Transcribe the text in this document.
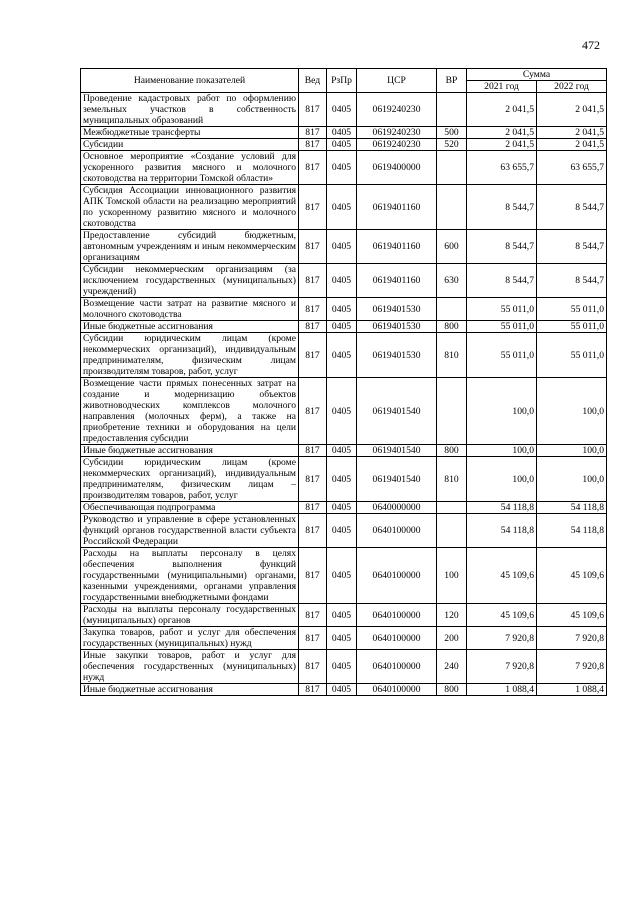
472
Наименование показателей	Вед	РзПр	ЦСР	ВР	Сумма	
					2021 год	2022 год
Проведение кадастровых работ по оформлению земельных участков в собственность муниципальных образований	817	0405	0619240230		2 041,5	2 041,5
Межбюджетные трансферты	817	0405	0619240230	500	2 041,5	2 041,5
Субсидии	817	0405	0619240230	520	2 041,5	2 041,5
Основное мероприятие «Создание условий для ускоренного развития мясного и молочного скотоводства на территории Томской области»	817	0405	0619400000		63 655,7	63 655,7
Субсидия Ассоциации инновационного развития АПК Томской области на реализацию мероприятий по ускоренному развитию мясного и молочного скотоводства	817	0405	0619401160		8 544,7	8 544,7
Предоставление субсидий бюджетным, автономным учреждениям и иным некоммерческим организациям	817	0405	0619401160	600	8 544,7	8 544,7
Субсидии некоммерческим организациям (за исключением государственных (муниципальных) учреждений)	817	0405	0619401160	630	8 544,7	8 544,7
Возмещение части затрат на развитие мясного и молочного скотоводства	817	0405	0619401530		55 011,0	55 011,0
Иные бюджетные ассигнования	817	0405	0619401530	800	55 011,0	55 011,0
Субсидии юридическим лицам (кроме некоммерческих организаций), индивидуальным предпринимателям, физическим лицам производителям товаров, работ, услуг	817	0405	0619401530	810	55 011,0	55 011,0
Возмещение части прямых понесенных затрат на создание и модернизацию объектов животноводческих комплексов молочного направления (молочных ферм), а также на приобретение техники и оборудования на цели предоставления субсидии	817	0405	0619401540		100,0	100,0
Иные бюджетные ассигнования	817	0405	0619401540	800	100,0	100,0
Субсидии юридическим лицам (кроме некоммерческих организаций), индивидуальным предпринимателям, физическим лицам – производителям товаров, работ, услуг	817	0405	0619401540	810	100,0	100,0
Обеспечивающая подпрограмма	817	0405	0640000000		54 118,8	54 118,8
Руководство и управление в сфере установленных функций органов государственной власти субъекта Российской Федерации	817	0405	0640100000		54 118,8	54 118,8
Расходы на выплаты персоналу в целях обеспечения выполнения функций государственными (муниципальными) органами, казенными учреждениями, органами управления государственными внебюджетными фондами	817	0405	0640100000	100	45 109,6	45 109,6
Расходы на выплаты персоналу государственных (муниципальных) органов	817	0405	0640100000	120	45 109,6	45 109,6
Закупка товаров, работ и услуг для обеспечения государственных (муниципальных) нужд	817	0405	0640100000	200	7 920,8	7 920,8
Иные закупки товаров, работ и услуг для обеспечения государственных (муниципальных) нужд	817	0405	0640100000	240	7 920,8	7 920,8
Иные бюджетные ассигнования	817	0405	0640100000	800	1 088,4	1 088,4
